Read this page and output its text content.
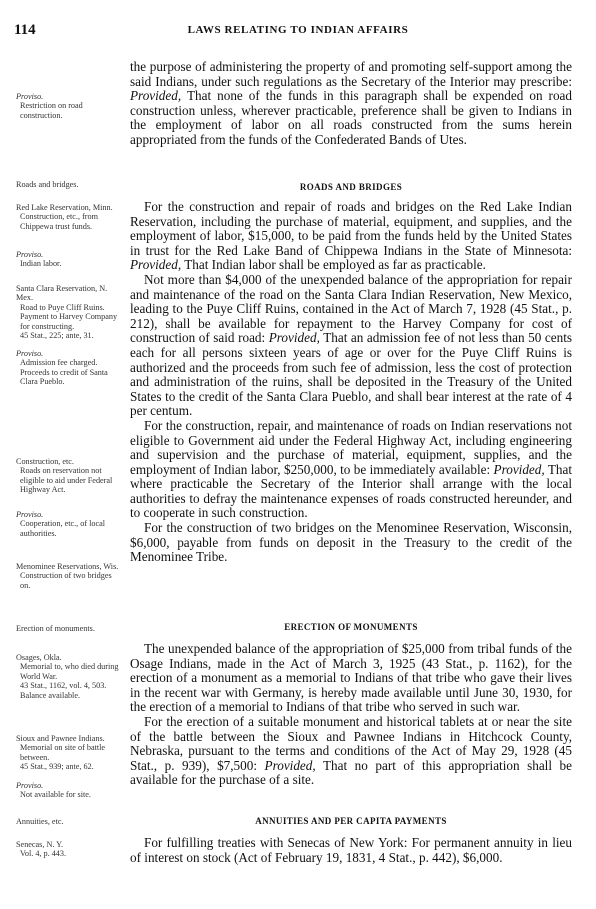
114	LAWS RELATING TO INDIAN AFFAIRS
Proviso.
Restriction on road construction.
Roads and bridges.
Red Lake Reservation, Minn.
Construction, etc., from Chippewa trust funds.
Proviso.
Indian labor.
Santa Clara Reservation, N. Mex.
Road to Puye Cliff Ruins.
Payment to Harvey Company for constructing.
45 Stat., 225; ante, 31.
Proviso.
Admission fee charged.
Proceeds to credit of Santa Clara Pueblo.
Construction, etc.
Roads on reservation not eligible to aid under Federal Highway Act.
Proviso.
Cooperation, etc., of local authorities.
Menominee Reservations, Wis.
Construction of two bridges on.
Erection of monuments.
Osages, Okla.
Memorial to, who died during World War.
43 Stat., 1162, vol. 4, 503.
Balance available.
Sioux and Pawnee Indians.
Memorial on site of battle between.
45 Stat., 939; ante, 62.
Proviso.
Not available for site.
Annuities, etc.
Senecas, N. Y.
Vol. 4, p. 443.

the purpose of administering the property of and promoting self-support among the said Indians, under such regulations as the Secretary of the Interior may prescribe: Provided, That none of the funds in this paragraph shall be expended on road construction unless, wherever practicable, preference shall be given to Indians in the employment of labor on all roads constructed from the sums herein appropriated from the funds of the Confederated Bands of Utes.

ROADS AND BRIDGES

For the construction and repair of roads and bridges on the Red Lake Indian Reservation, including the purchase of material, equipment, and supplies, and the employment of labor, $15,000, to be paid from the funds held by the United States in trust for the Red Lake Band of Chippewa Indians in the State of Minnesota: Provided, That Indian labor shall be employed as far as practicable.

Not more than $4,000 of the unexpended balance of the appropriation for repair and maintenance of the road on the Santa Clara Indian Reservation, New Mexico, leading to the Puye Cliff Ruins, contained in the Act of March 7, 1928 (45 Stat., p. 212), shall be available for repayment to the Harvey Company for cost of construction of said road: Provided, That an admission fee of not less than 50 cents each for all persons sixteen years of age or over for the Puye Cliff Ruins is authorized and the proceeds from such fee of admission, less the cost of protection and administration of the ruins, shall be deposited in the Treasury of the United States to the credit of the Santa Clara Pueblo, and shall bear interest at the rate of 4 per centum.

For the construction, repair, and maintenance of roads on Indian reservations not eligible to Government aid under the Federal Highway Act, including engineering and supervision and the purchase of material, equipment, supplies, and the employment of Indian labor, $250,000, to be immediately available: Provided, That where practicable the Secretary of the Interior shall arrange with the local authorities to defray the maintenance expenses of roads constructed hereunder, and to cooperate in such construction.

For the construction of two bridges on the Menominee Reservation, Wisconsin, $6,000, payable from funds on deposit in the Treasury to the credit of the Menominee Tribe.

ERECTION OF MONUMENTS

The unexpended balance of the appropriation of $25,000 from tribal funds of the Osage Indians, made in the Act of March 3, 1925 (43 Stat., p. 1162), for the erection of a monument as a memorial to Indians of that tribe who gave their lives in the recent war with Germany, is hereby made available until June 30, 1930, for the erection of a memorial to Indians of that tribe who served in such war.

For the erection of a suitable monument and historical tablets at or near the site of the battle between the Sioux and Pawnee Indians in Hitchcock County, Nebraska, pursuant to the terms and conditions of the Act of May 29, 1928 (45 Stat., p. 939), $7,500: Provided, That no part of this appropriation shall be available for the purchase of a site.

ANNUITIES AND PER CAPITA PAYMENTS

For fulfilling treaties with Senecas of New York: For permanent annuity in lieu of interest on stock (Act of February 19, 1831, 4 Stat., p. 442), $6,000.
